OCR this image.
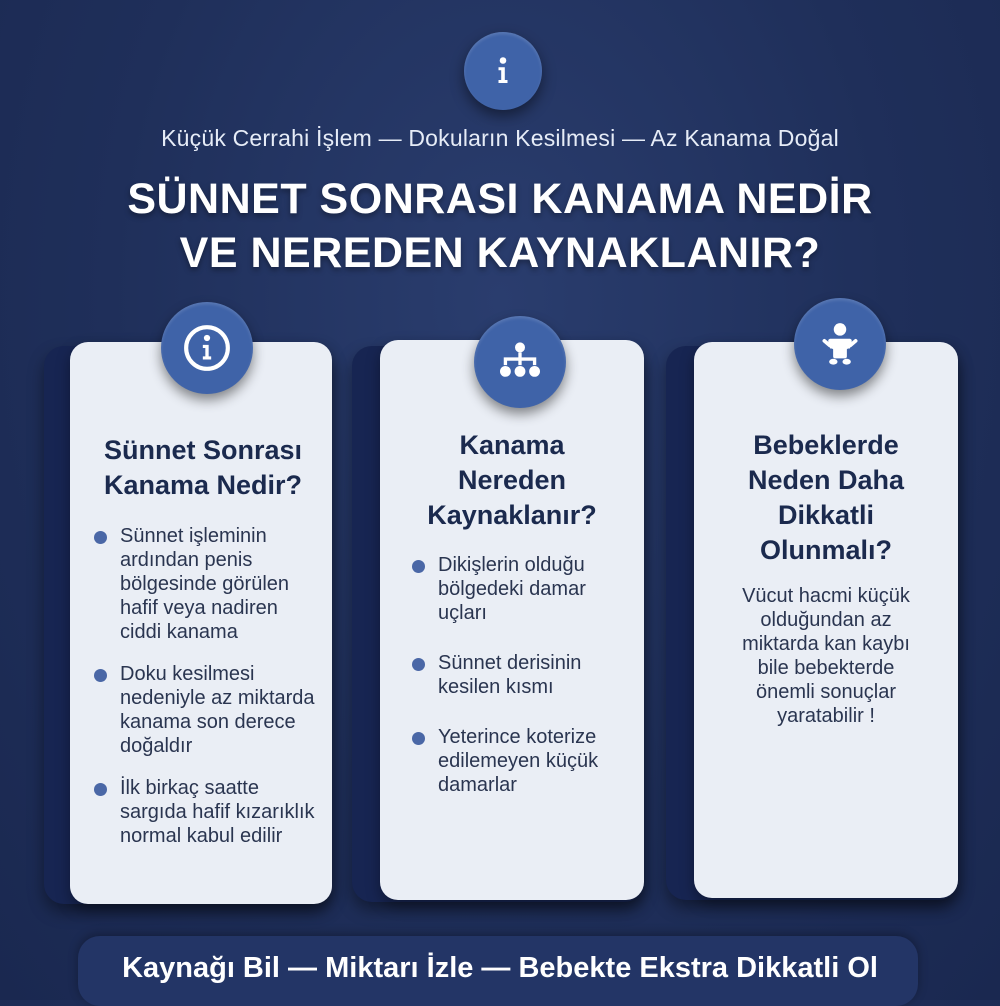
Küçük Cerrahi İşlem — Dokuların Kesilmesi — Az Kanama Doğal
SÜNNET SONRASI KANAMA NEDİR
VE NEREDEN KAYNAKLANIR?
Sünnet Sonrası
Kanama Nedir?
Sünnet işleminin
ardından penis
bölgesinde görülen
hafif veya nadiren
ciddi kanama
Doku kesilmesi
nedeniyle az miktarda
kanama son derece
doğaldır
İlk birkaç saatte
sargıda hafif kızarıklık
normal kabul edilir
Kanama
Nereden
Kaynaklanır?
Dikişlerin olduğu
bölgedeki damar
uçları
Sünnet derisinin
kesilen kısmı
Yeterince koterize
edilemeyen küçük
damarlar
Bebeklerde
Neden Daha
Dikkatli
Olunmalı?
Vücut hacmi küçük
olduğundan az
miktarda kan kaybı
bile bebekterde
önemli sonuçlar
yaratabilir !
Kaynağı Bil — Miktarı İzle — Bebekte Ekstra Dikkatli Ol
